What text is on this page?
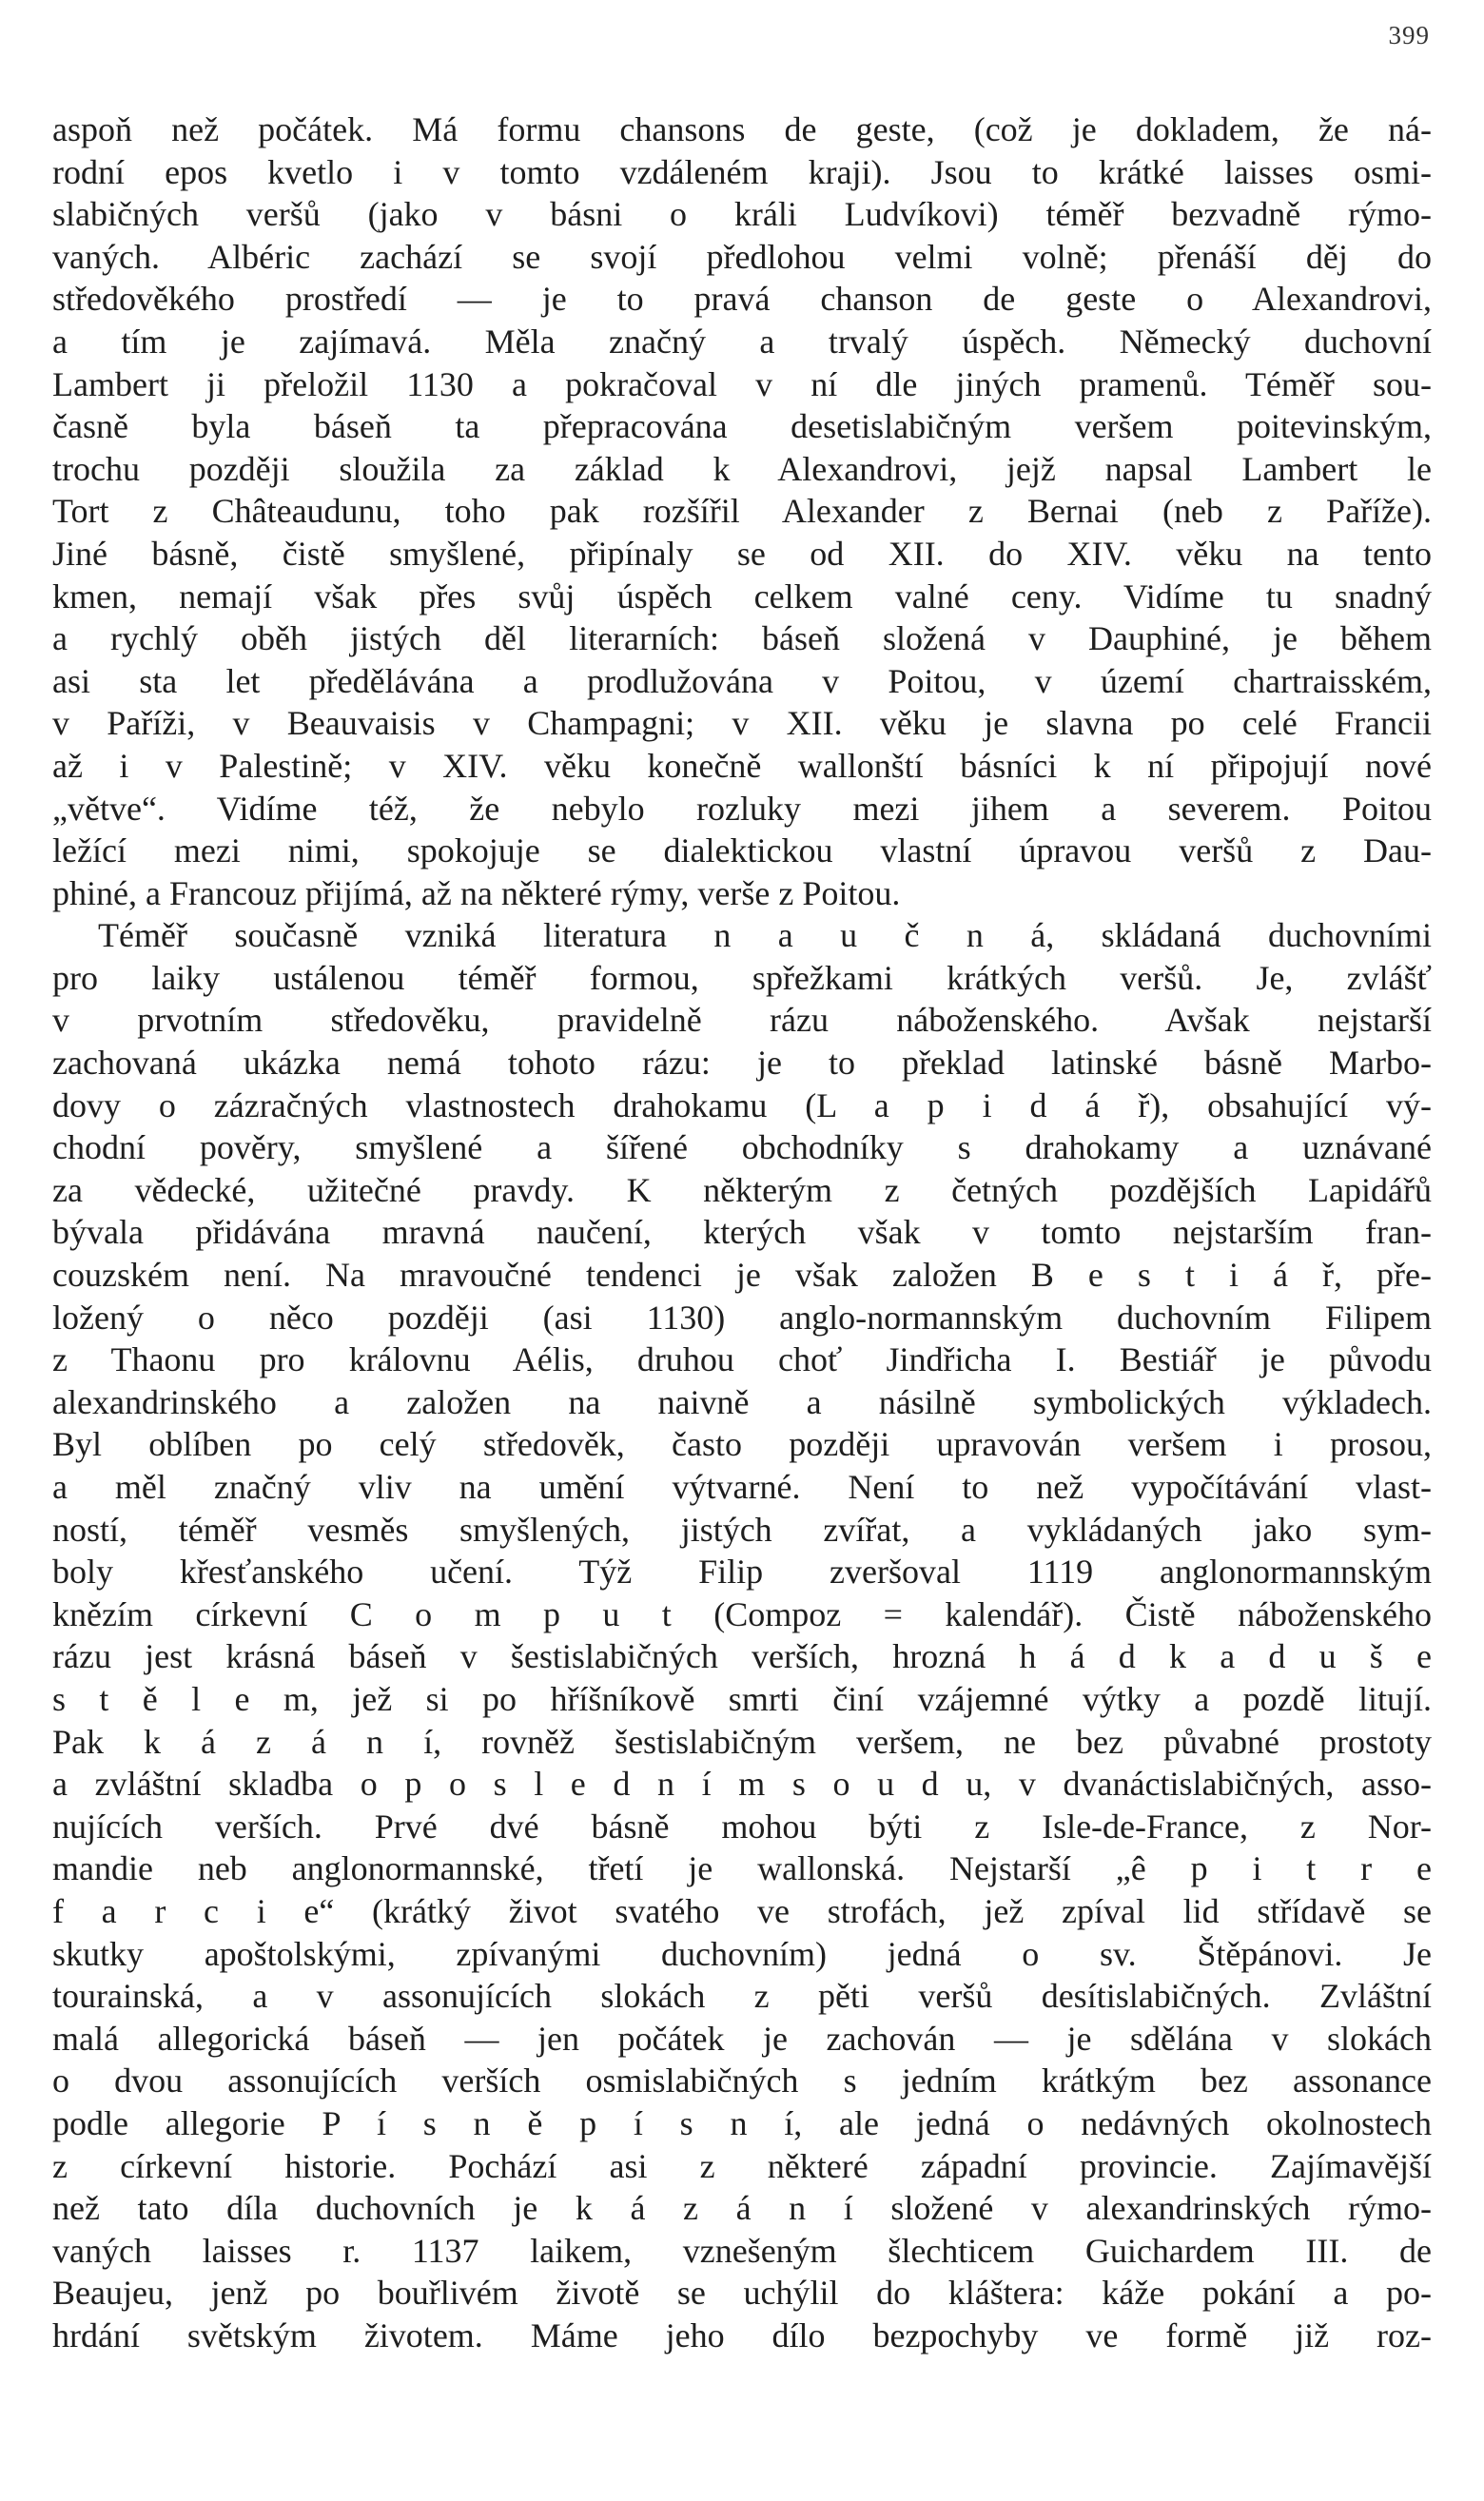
399
aspoň než počátek. Má formu chansons de geste, (což je dokladem, že ná-
rodní epos kvetlo i v tomto vzdáleném kraji). Jsou to krátké laisses osmi-
slabičných veršů (jako v básni o králi Ludvíkovi) téměř bezvadně rýmo-
vaných. Albéric zachází se svojí předlohou velmi volně; přenáší děj do
středověkého prostředí — je to pravá chanson de geste o Alexandrovi,
a tím je zajímavá. Měla značný a trvalý úspěch. Německý duchovní
Lambert ji přeložil 1130 a pokračoval v ní dle jiných pramenů. Téměř sou-
časně byla báseň ta přepracována desetislabičným veršem poitevinským,
trochu později sloužila za základ k Alexandrovi, jejž napsal Lambert le
Tort z Châteaudunu, toho pak rozšířil Alexander z Bernai (neb z Paříže).
Jiné básně, čistě smyšlené, připínaly se od XII. do XIV. věku na tento
kmen, nemají však přes svůj úspěch celkem valné ceny. Vidíme tu snadný
a rychlý oběh jistých děl literarních: báseň složená v Dauphiné, je během
asi sta let předělávána a prodlužována v Poitou, v území chartraisském,
v Paříži, v Beauvaisis v Champagni; v XII. věku je slavna po celé Francii
až i v Palestině; v XIV. věku konečně wallonští básníci k ní připojují nové
„větve“. Vidíme též, že nebylo rozluky mezi jihem a severem. Poitou
ležící mezi nimi, spokojuje se dialektickou vlastní úpravou veršů z Dau-
phiné, a Francouz přijímá, až na některé rýmy, verše z Poitou.
Téměř současně vzniká literatura n a u č n á, skládaná duchovními
pro laiky ustálenou téměř formou, spřežkami krátkých veršů. Je, zvlášť
v prvotním středověku, pravidelně rázu náboženského. Avšak nejstarší
zachovaná ukázka nemá tohoto rázu: je to překlad latinské básně Marbo-
dovy o zázračných vlastnostech drahokamu (L a p i d á ř), obsahující vý-
chodní pověry, smyšlené a šířené obchodníky s drahokamy a uznávané
za vědecké, užitečné pravdy. K některým z četných pozdějších Lapidářů
bývala přidávána mravná naučení, kterých však v tomto nejstarším fran-
couzském není. Na mravoučné tendenci je však založen B e s t i á ř, pře-
ložený o něco později (asi 1130) anglo-normannským duchovním Filipem
z Thaonu pro královnu Aélis, druhou choť Jindřicha I. Bestiář je původu
alexandrinského a založen na naivně a násilně symbolických výkladech.
Byl oblíben po celý středověk, často později upravován veršem i prosou,
a měl značný vliv na umění výtvarné. Není to než vypočítávání vlast-
ností, téměř vesměs smyšlených, jistých zvířat, a vykládaných jako sym-
boly křesťanského učení. Týž Filip zveršoval 1119 anglonormannským
knězím církevní C o m p u t (Compoz = kalendář). Čistě náboženského
rázu jest krásná báseň v šestislabičných verších, hrozná h á d k a d u š e
s t ě l e m, jež si po hříšníkově smrti činí vzájemné výtky a pozdě litují.
Pak k á z á n í, rovněž šestislabičným veršem, ne bez půvabné prostoty
a zvláštní skladba o p o s l e d n í m s o u d u, v dvanáctislabičných, asso-
nujících verších. Prvé dvé básně mohou býti z Isle-de-France, z Nor-
mandie neb anglonormannské, třetí je wallonská. Nejstarší „ê p i t r e
f a r c i e“ (krátký život svatého ve strofách, jež zpíval lid střídavě se
skutky apoštolskými, zpívanými duchovním) jedná o sv. Štěpánovi. Je
tourainská, a v assonujících slokách z pěti veršů desítislabičných. Zvláštní
malá allegorická báseň — jen počátek je zachován — je sdělána v slokách
o dvou assonujících verších osmislabičných s jedním krátkým bez assonance
podle allegorie P í s n ě p í s n í, ale jedná o nedávných okolnostech
z církevní historie. Pochází asi z některé západní provincie. Zajímavější
než tato díla duchovních je k á z á n í složené v alexandrinských rýmo-
vaných laisses r. 1137 laikem, vznešeným šlechticem Guichardem III. de
Beaujeu, jenž po bouřlivém životě se uchýlil do kláštera: káže pokání a po-
hrdání světským životem. Máme jeho dílo bezpochyby ve formě již roz-
